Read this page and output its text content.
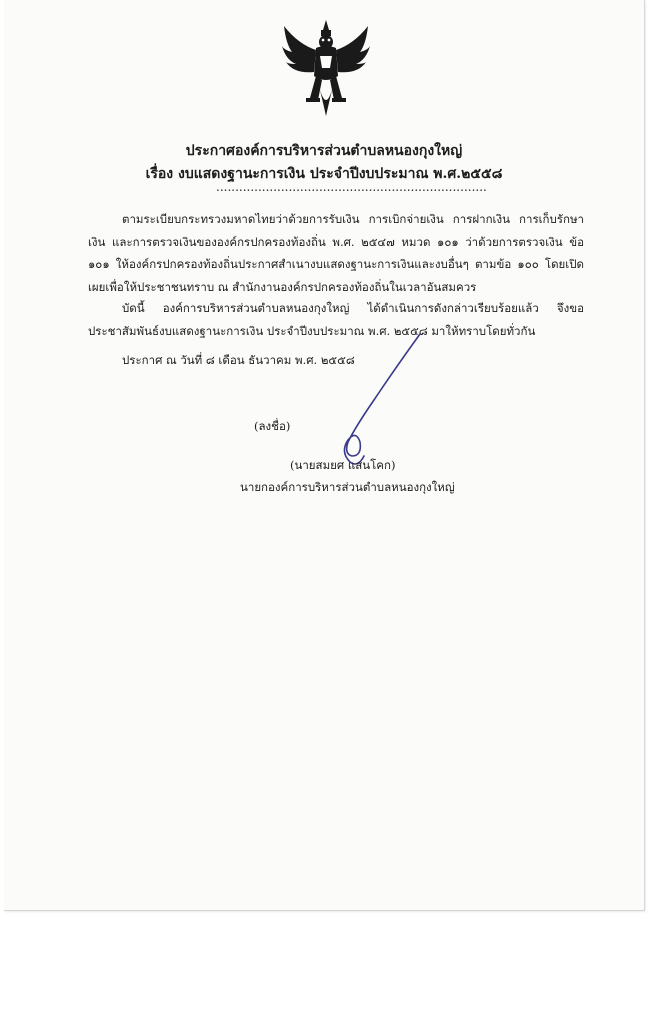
ประกาศองค์การบริหารส่วนตำบลหนองกุงใหญ่
เรื่อง งบแสดงฐานะการเงิน ประจำปีงบประมาณ พ.ศ.๒๕๕๘
.......................................................................

ตามระเบียบกระทรวงมหาดไทยว่าด้วยการรับเงิน การเบิกจ่ายเงิน การฝากเงิน การเก็บรักษาเงิน และการตรวจเงินขององค์กรปกครองท้องถิ่น พ.ศ. ๒๕๔๗ หมวด ๑๐๑ ว่าด้วยการตรวจเงิน ข้อ ๑๐๑ ให้องค์กรปกครองท้องถิ่นประกาศสำเนางบแสดงฐานะการเงินและงบอื่นๆ ตามข้อ ๑๐๐ โดยเปิดเผยเพื่อให้ประชาชนทราบ ณ สำนักงานองค์กรปกครองท้องถิ่นในเวลาอันสมควร

บัดนี้ องค์การบริหารส่วนตำบลหนองกุงใหญ่ ได้ดำเนินการดังกล่าวเรียบร้อยแล้ว จึงขอประชาสัมพันธ์งบแสดงฐานะการเงิน ประจำปีงบประมาณ พ.ศ. ๒๕๕๘ มาให้ทราบโดยทั่วกัน

ประกาศ ณ วันที่ ๘ เดือน ธันวาคม พ.ศ. ๒๕๕๘
(ลงชื่อ)
(นายสมยศ แสนโคก)
นายกองค์การบริหารส่วนตำบลหนองกุงใหญ่
